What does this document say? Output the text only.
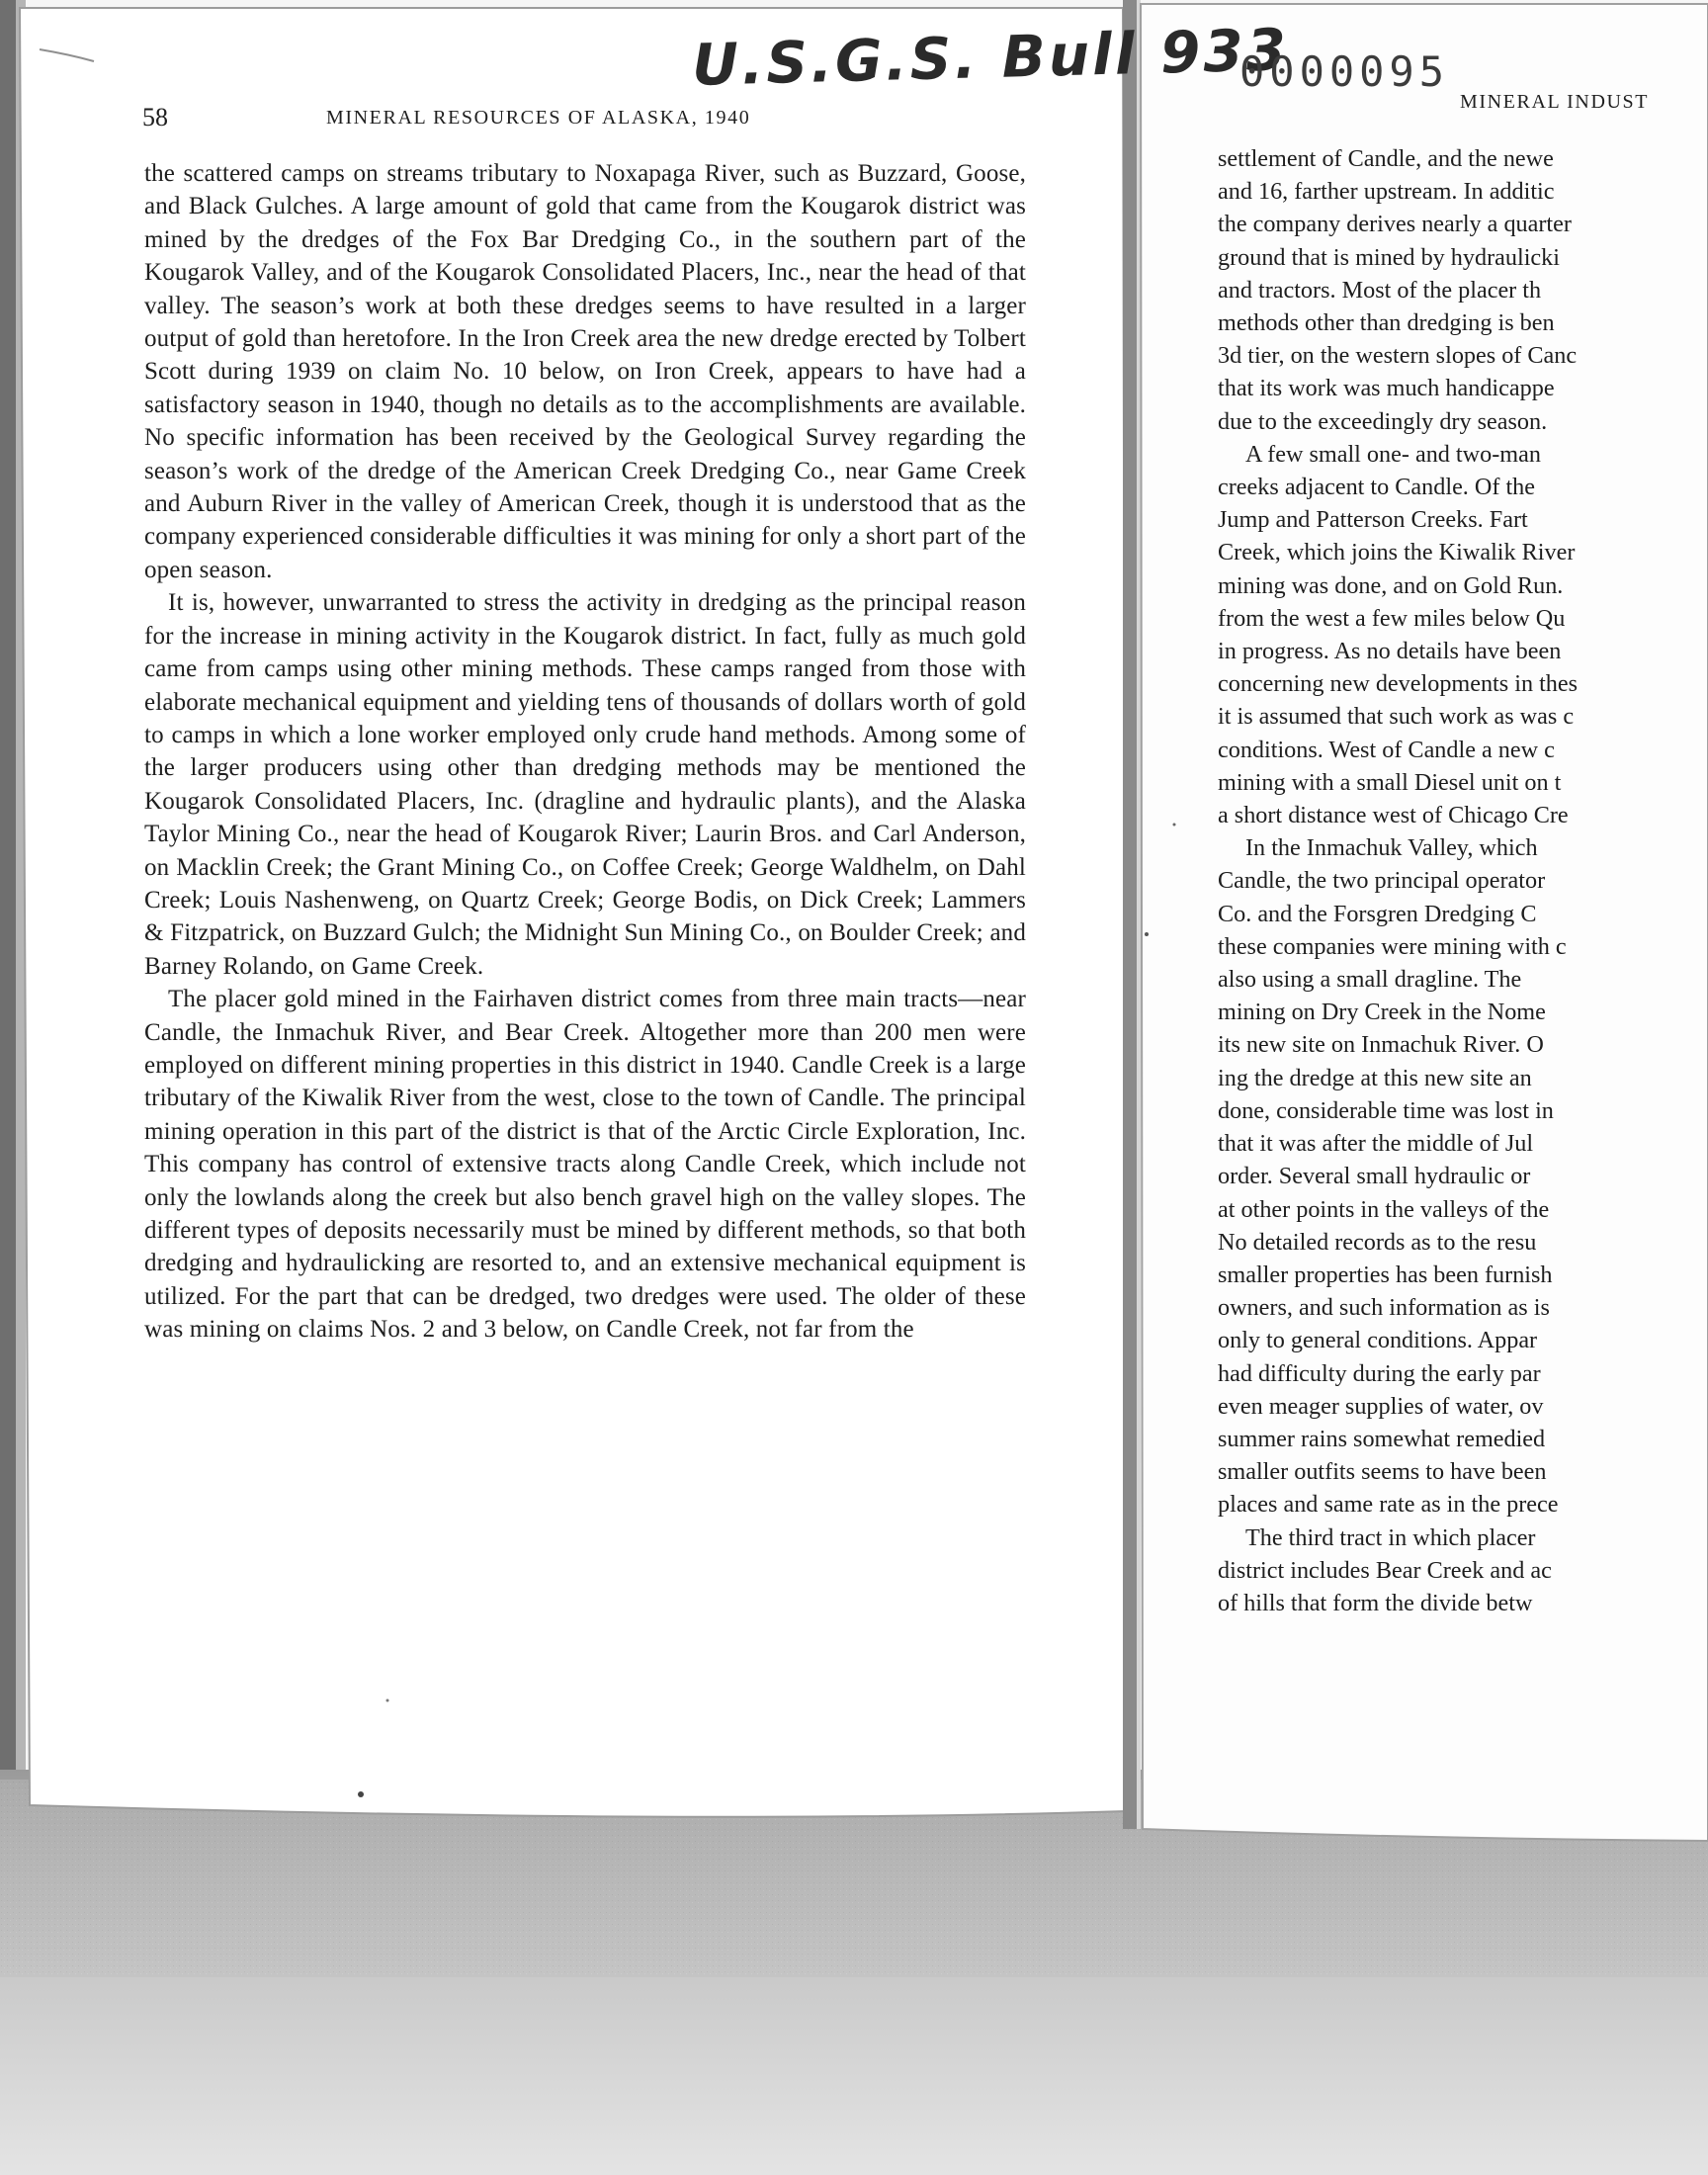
U.S.G.S. Bull 933
0000095
58	MINERAL RESOURCES OF ALASKA, 1940

the scattered camps on streams tributary to Noxapaga River, such as Buzzard, Goose, and Black Gulches. A large amount of gold that came from the Kougarok district was mined by the dredges of the Fox Bar Dredging Co., in the southern part of the Kougarok Valley, and of the Kougarok Consolidated Placers, Inc., near the head of that valley. The season’s work at both these dredges seems to have resulted in a larger output of gold than heretofore. In the Iron Creek area the new dredge erected by Tolbert Scott during 1939 on claim No. 10 below, on Iron Creek, appears to have had a satisfactory season in 1940, though no details as to the accomplishments are available. No specific information has been received by the Geological Survey regarding the season’s work of the dredge of the American Creek Dredging Co., near Game Creek and Auburn River in the valley of American Creek, though it is understood that as the company experienced considerable difficulties it was mining for only a short part of the open season.

It is, however, unwarranted to stress the activity in dredging as the principal reason for the increase in mining activity in the Kougarok district. In fact, fully as much gold came from camps using other mining methods. These camps ranged from those with elaborate mechanical equipment and yielding tens of thousands of dollars worth of gold to camps in which a lone worker employed only crude hand methods. Among some of the larger producers using other than dredging methods may be mentioned the Kougarok Consolidated Placers, Inc. (dragline and hydraulic plants), and the Alaska Taylor Mining Co., near the head of Kougarok River; Laurin Bros. and Carl Anderson, on Macklin Creek; the Grant Mining Co., on Coffee Creek; George Waldhelm, on Dahl Creek; Louis Nashenweng, on Quartz Creek; George Bodis, on Dick Creek; Lammers & Fitzpatrick, on Buzzard Gulch; the Midnight Sun Mining Co., on Boulder Creek; and Barney Rolando, on Game Creek.

The placer gold mined in the Fairhaven district comes from three main tracts—near Candle, the Inmachuk River, and Bear Creek. Altogether more than 200 men were employed on different mining properties in this district in 1940. Candle Creek is a large tributary of the Kiwalik River from the west, close to the town of Candle. The principal mining operation in this part of the district is that of the Arctic Circle Exploration, Inc. This company has control of extensive tracts along Candle Creek, which include not only the lowlands along the creek but also bench gravel high on the valley slopes. The different types of deposits necessarily must be mined by different methods, so that both dredging and hydraulicking are resorted to, and an extensive mechanical equipment is utilized. For the part that can be dredged, two dredges were used. The older of these was mining on claims Nos. 2 and 3 below, on Candle Creek, not far from the

MINERAL INDUST
settlement of Candle, and the newe
and 16, farther upstream. In additic
the company derives nearly a quarter
ground that is mined by hydraulicki
and tractors. Most of the placer th
methods other than dredging is ben
3d tier, on the western slopes of Canc
that its work was much handicappe
due to the exceedingly dry season.
A few small one- and two-man
creeks adjacent to Candle. Of the
Jump and Patterson Creeks. Fart
Creek, which joins the Kiwalik River
mining was done, and on Gold Run.
from the west a few miles below Qu
in progress. As no details have been
concerning new developments in thes
it is assumed that such work as was c
conditions. West of Candle a new c
mining with a small Diesel unit on t
a short distance west of Chicago Cre
In the Inmachuk Valley, which
Candle, the two principal operator
Co. and the Forsgren Dredging C
these companies were mining with c
also using a small dragline. The
mining on Dry Creek in the Nome
its new site on Inmachuk River. O
ing the dredge at this new site an
done, considerable time was lost in
that it was after the middle of Jul
order. Several small hydraulic or
at other points in the valleys of the
No detailed records as to the resu
smaller properties has been furnish
owners, and such information as is
only to general conditions. Appar
had difficulty during the early par
even meager supplies of water, ov
summer rains somewhat remedied
smaller outfits seems to have been
places and same rate as in the prece
The third tract in which placer
district includes Bear Creek and ac
of hills that form the divide betw
